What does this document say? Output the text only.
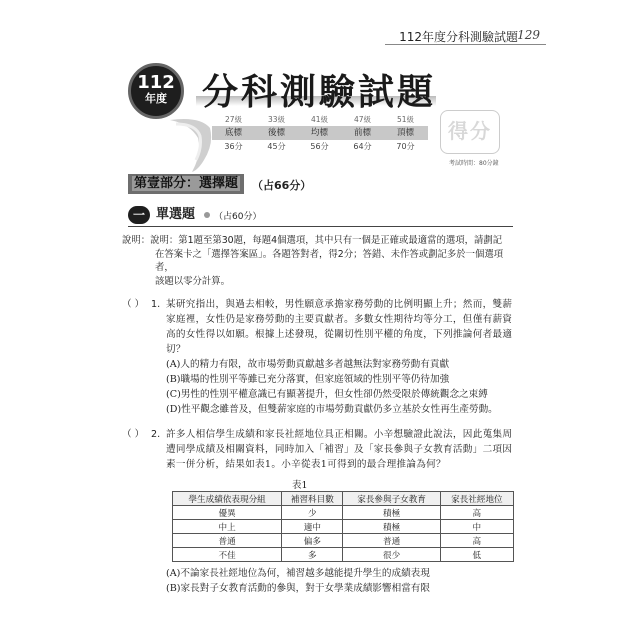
112年度分科測驗試題 129
112
年度 分科測驗試題
27級	33級	41級	47級	51級
底標	後標	均標	前標	頂標
36分	45分	56分	64分	70分
得分
考試時間：80分鐘
第壹部分：選擇題	（占66分）
一 單選題 （占60分）

說明：說明：第1題至第30題，每題4個選項，其中只有一個是正確或最適當的選項，請劃記

在答案卡之「選擇答案區」。各題答對者，得2分；答錯、未作答或劃記多於一個選項者，

該題以零分計算。

（ ） 1. 某研究指出，與過去相較，男性願意承擔家務勞動的比例明顯上升；然而，雙薪家庭裡，女性仍是家務勞動的主要貢獻者。多數女性期待均等分工，但僅有薪資高的女性得以如願。根據上述發現，從關切性別平權的角度，下列推論何者最適切？
(A)人的精力有限，故市場勞動貢獻越多者越無法對家務勞動有貢獻
(B)職場的性別平等雖已充分落實，但家庭領域的性別平等仍待加強
(C)男性的性別平權意識已有顯著提升，但女性卻仍然受限於傳統觀念之束縛
(D)性平觀念雖普及，但雙薪家庭的市場勞動貢獻仍多立基於女性再生產勞動。
（ ） 2. 許多人相信學生成績和家長社經地位具正相關。小辛想驗證此說法，因此蒐集周遭同學成績及相關資料，同時加入「補習」及「家長參與子女教育活動」二項因素一併分析，結果如表1。小辛從表1可得到的最合理推論為何？
表1
學生成績依表現分組	補習科目數	家長參與子女教育	家長社經地位
優異	少	積極	高
中上	適中	積極	中
普通	偏多	普通	高
不佳	多	很少	低
(A)不論家長社經地位為何，補習越多越能提升學生的成績表現
(B)家長對子女教育活動的參與，對于女學業成績影響相當有限
